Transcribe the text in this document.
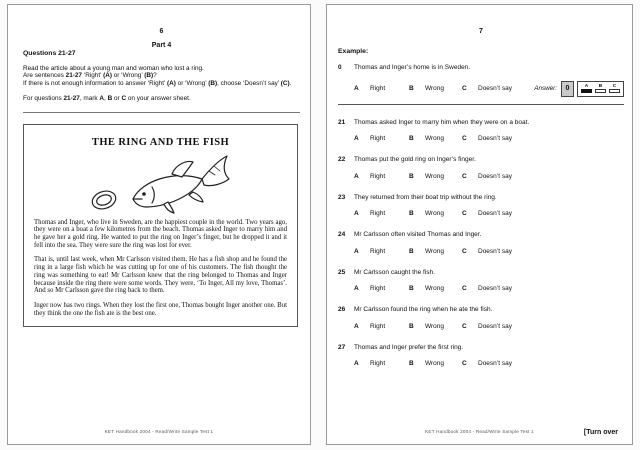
6
Part 4
Questions 21-27
Read the article about a young man and woman who lost a ring.
Are sentences 21-27 ‘Right’ (A) or ‘Wrong’ (B)?
If there is not enough information to answer ‘Right’ (A) or ‘Wrong’ (B), choose ‘Doesn’t say’ (C).
For questions 21-27, mark A, B or C on your answer sheet.
THE RING AND THE FISH

Thomas and Inger, who live in Sweden, are the happiest couple in the world. Two years ago, they were on a boat a few kilometres from the beach. Thomas asked Inger to marry him and he gave her a gold ring. He wanted to put the ring on Inger’s finger, but he dropped it and it fell into the sea. They were sure the ring was lost for ever.

That is, until last week, when Mr Carlsson visited them. He has a fish shop and he found the ring in a large fish which he was cutting up for one of his customers. The fish thought the ring was something to eat! Mr Carlsson knew that the ring belonged to Thomas and Inger because inside the ring there were some words. They were, ‘To Inger, All my love, Thomas’. And so Mr Carlsson gave the ring back to them.

Inger now has two rings. When they lost the first one, Thomas bought Inger another one. But they think the one the fish ate is the best one.

KET Handbook 2004 - Read/Write Sample Test 1
7
Example:
0	Thomas and Inger’s home is in Sweden.
A	Right	B	Wrong	C	Doesn’t say	Answer:	0	A B C
21	Thomas asked Inger to marry him when they were on a boat.
A	Right	B	Wrong	C	Doesn’t say
22	Thomas put the gold ring on Inger’s finger.
A	Right	B	Wrong	C	Doesn’t say
23	They returned from their boat trip without the ring.
A	Right	B	Wrong	C	Doesn’t say
24	Mr Carlsson often visited Thomas and Inger.
A	Right	B	Wrong	C	Doesn’t say
25	Mr Carlsson caught the fish.
A	Right	B	Wrong	C	Doesn’t say
26	Mr Carlsson found the ring when he ate the fish.
A	Right	B	Wrong	C	Doesn’t say
27	Thomas and Inger prefer the first ring.
A	Right	B	Wrong	C	Doesn’t say
[Turn over
KET Handbook 2004 - Read/Write Sample Test 1
